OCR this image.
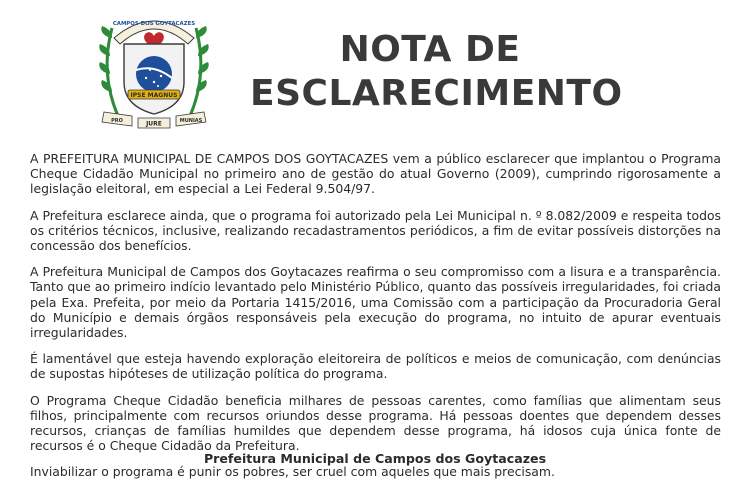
CAMPOS DOS GOYTACAZES
IPSE MAGNUS
PRO	JURE	MUNIAS
NOTA DE
ESCLARECIMENTO

A PREFEITURA MUNICIPAL DE CAMPOS DOS GOYTACAZES vem a público esclarecer que implantou o Programa Cheque Cidadão Municipal no primeiro ano de gestão do atual Governo (2009), cumprindo rigorosamente a legislação eleitoral, em especial a Lei Federal 9.504/97.

A Prefeitura esclarece ainda, que o programa foi autorizado pela Lei Municipal n. º 8.082/2009 e respeita todos os critérios técnicos, inclusive, realizando recadastramentos periódicos, a fim de evitar possíveis distorções na concessão dos benefícios.

A Prefeitura Municipal de Campos dos Goytacazes reafirma o seu compromisso com a lisura e a transparência. Tanto que ao primeiro indício levantado pelo Ministério Público, quanto das possíveis irregularidades, foi criada pela Exa. Prefeita, por meio da Portaria 1415/2016, uma Comissão com a participação da Procuradoria Geral do Município e demais órgãos responsáveis pela execução do programa, no intuito de apurar eventuais irregularidades.

É lamentável que esteja havendo exploração eleitoreira de políticos e meios de comunicação, com denúncias de supostas hipóteses de utilização política do programa.

O Programa Cheque Cidadão beneficia milhares de pessoas carentes, como famílias que alimentam seus filhos, principalmente com recursos oriundos desse programa. Há pessoas doentes que dependem desses recursos, crianças de famílias humildes que dependem desse programa, há idosos cuja única fonte de recursos é o Cheque Cidadão da Prefeitura.

Inviabilizar o programa é punir os pobres, ser cruel com aqueles que mais precisam.

Prefeitura Municipal de Campos dos Goytacazes
